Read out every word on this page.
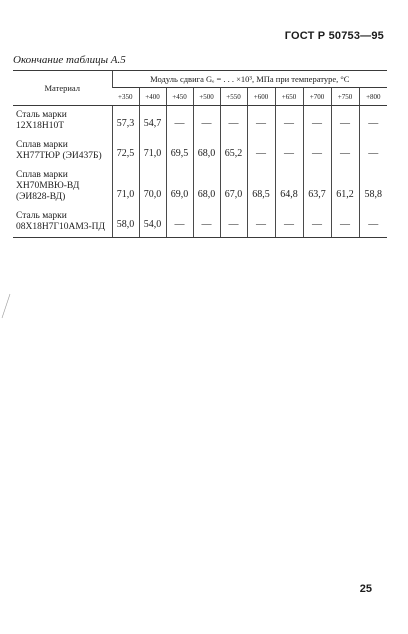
ГОСТ Р 50753—95
Окончание таблицы А.5
Материал	Модуль сдвига Gₑ = . . . ×10³, МПа при температуре, °С									
	+350	+400	+450	+500	+550	+600	+650	+700	+750	+800
Сталь марки 12Х18Н10Т	57,3	54,7	—	—	—	—	—	—	—	—
Сплав марки ХН77ТЮР (ЭИ437Б)	72,5	71,0	69,5	68,0	65,2	—	—	—	—	—
Сплав марки ХН70МВЮ-ВД (ЭИ828-ВД)	71,0	70,0	69,0	68,0	67,0	68,5	64,8	63,7	61,2	58,8
Сталь марки 08Х18Н7Г10АМ3-ПД	58,0	54,0	—	—	—	—	—	—	—	—
25
